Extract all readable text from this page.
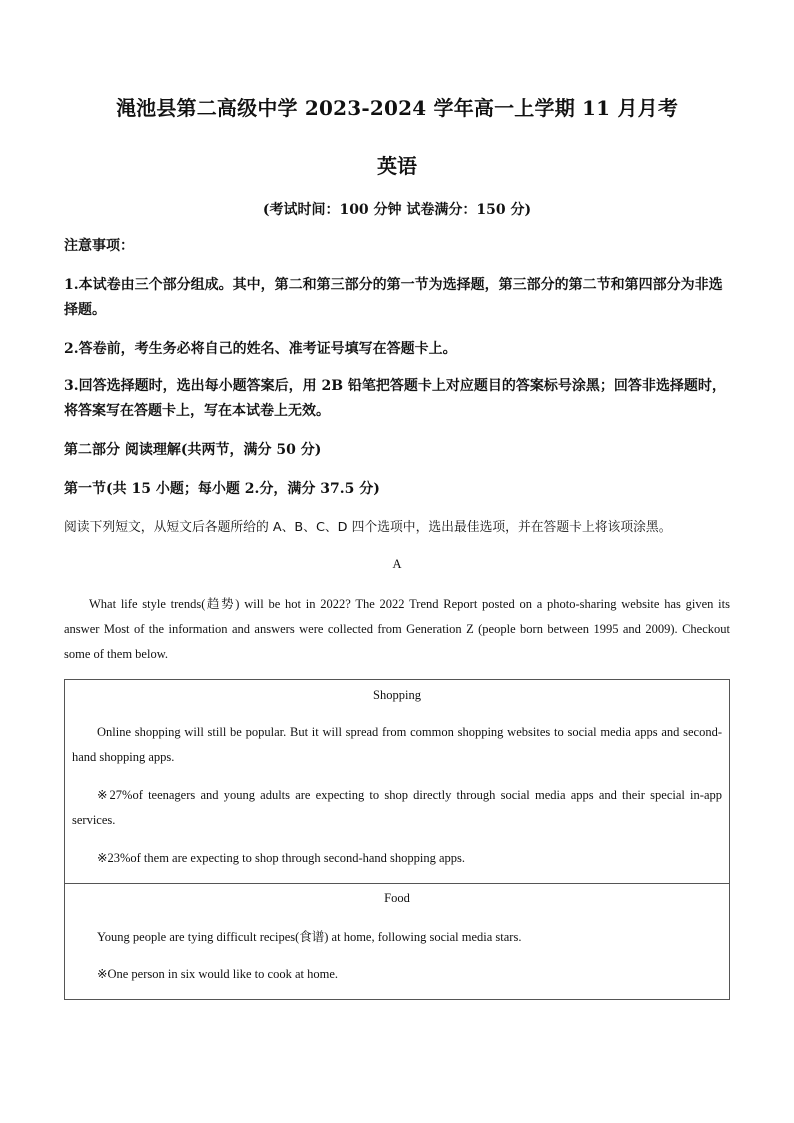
渑池县第二高级中学 2023-2024 学年高一上学期 11 月月考
英语
(考试时间：100 分钟 试卷满分：150 分)
注意事项：
1.本试卷由三个部分组成。其中，第二和第三部分的第一节为选择题，第三部分的第二节和第四部分为非选择题。
2.答卷前，考生务必将自己的姓名、准考证号填写在答题卡上。
3.回答选择题时，选出每小题答案后，用 2B 铅笔把答题卡上对应题目的答案标号涂黑；回答非选择题时，将答案写在答题卡上，写在本试卷上无效。
第二部分 阅读理解(共两节，满分 50 分)
第一节(共 15 小题；每小题 2.分，满分 37.5 分)
阅读下列短文，从短文后各题所给的 A、B、C、D 四个选项中，选出最佳选项，并在答题卡上将该项涂黑。
A
What life style trends(趋势) will be hot in 2022? The 2022 Trend Report posted on a photo-sharing website has given its answer Most of the information and answers were collected from Generation Z (people born between 1995 and 2009). Checkout some of them below.
Shopping
Online shopping will still be popular. But it will spread from common shopping websites to social media apps and second-hand shopping apps.
※27%of teenagers and young adults are expecting to shop directly through social media apps and their special in-app services.
※23%of them are expecting to shop through second-hand shopping apps.
Food
Young people are tying difficult recipes(食谱) at home, following social media stars.
※One person in six would like to cook at home.
